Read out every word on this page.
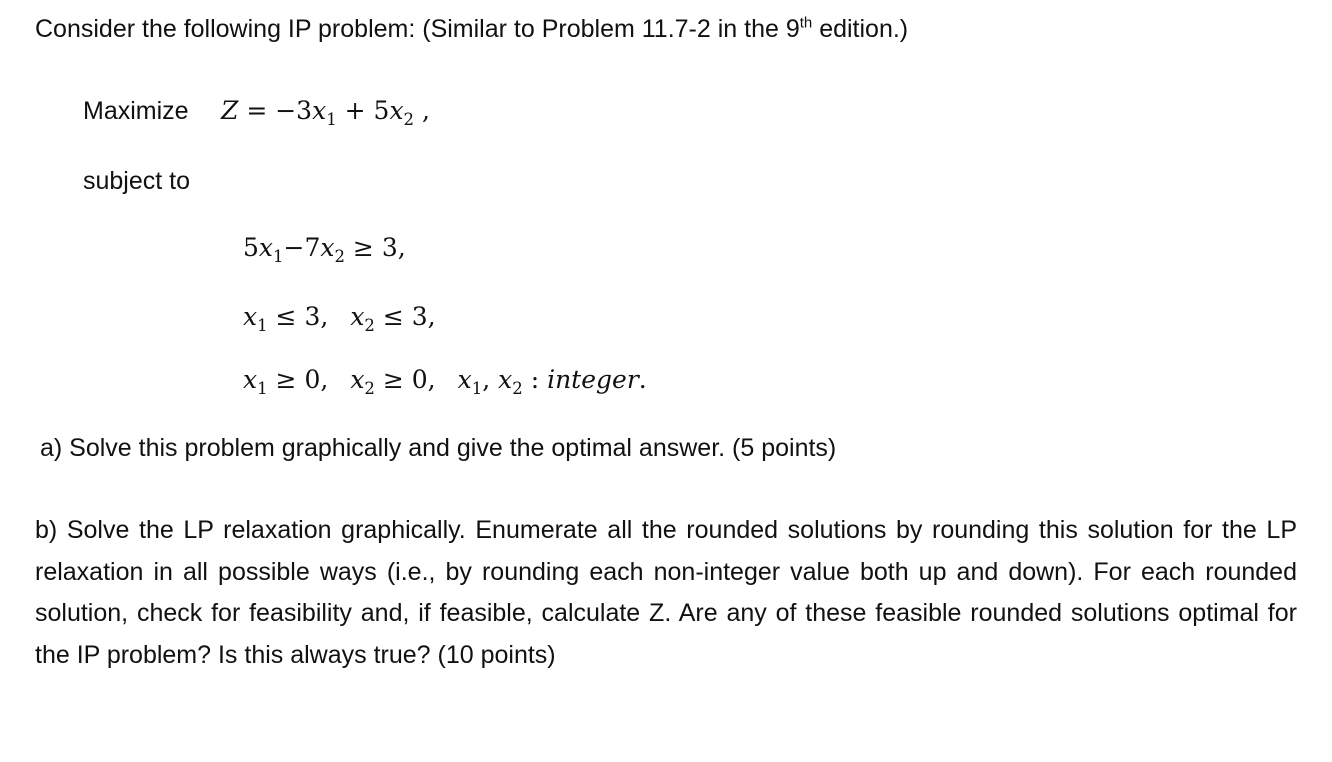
Consider the following IP problem: (Similar to Problem 11.7-2 in the 9th edition.)
Maximize $Z = -3x_1 + 5x_2$ ,
subject to
$5x_1-7x_2 \ge 3$,
$x_1 \le 3$, $x_2 \le 3$,
$x_1 \ge 0$, $x_2 \ge 0$, $x_1$, $x_2$ : integer.
a) Solve this problem graphically and give the optimal answer. (5 points)
b) Solve the LP relaxation graphically. Enumerate all the rounded solutions by rounding this solution for the LP relaxation in all possible ways (i.e., by rounding each non-integer value both up and down). For each rounded solution, check for feasibility and, if feasible, calculate Z. Are any of these feasible rounded solutions optimal for the IP problem? Is this always true? (10 points)
